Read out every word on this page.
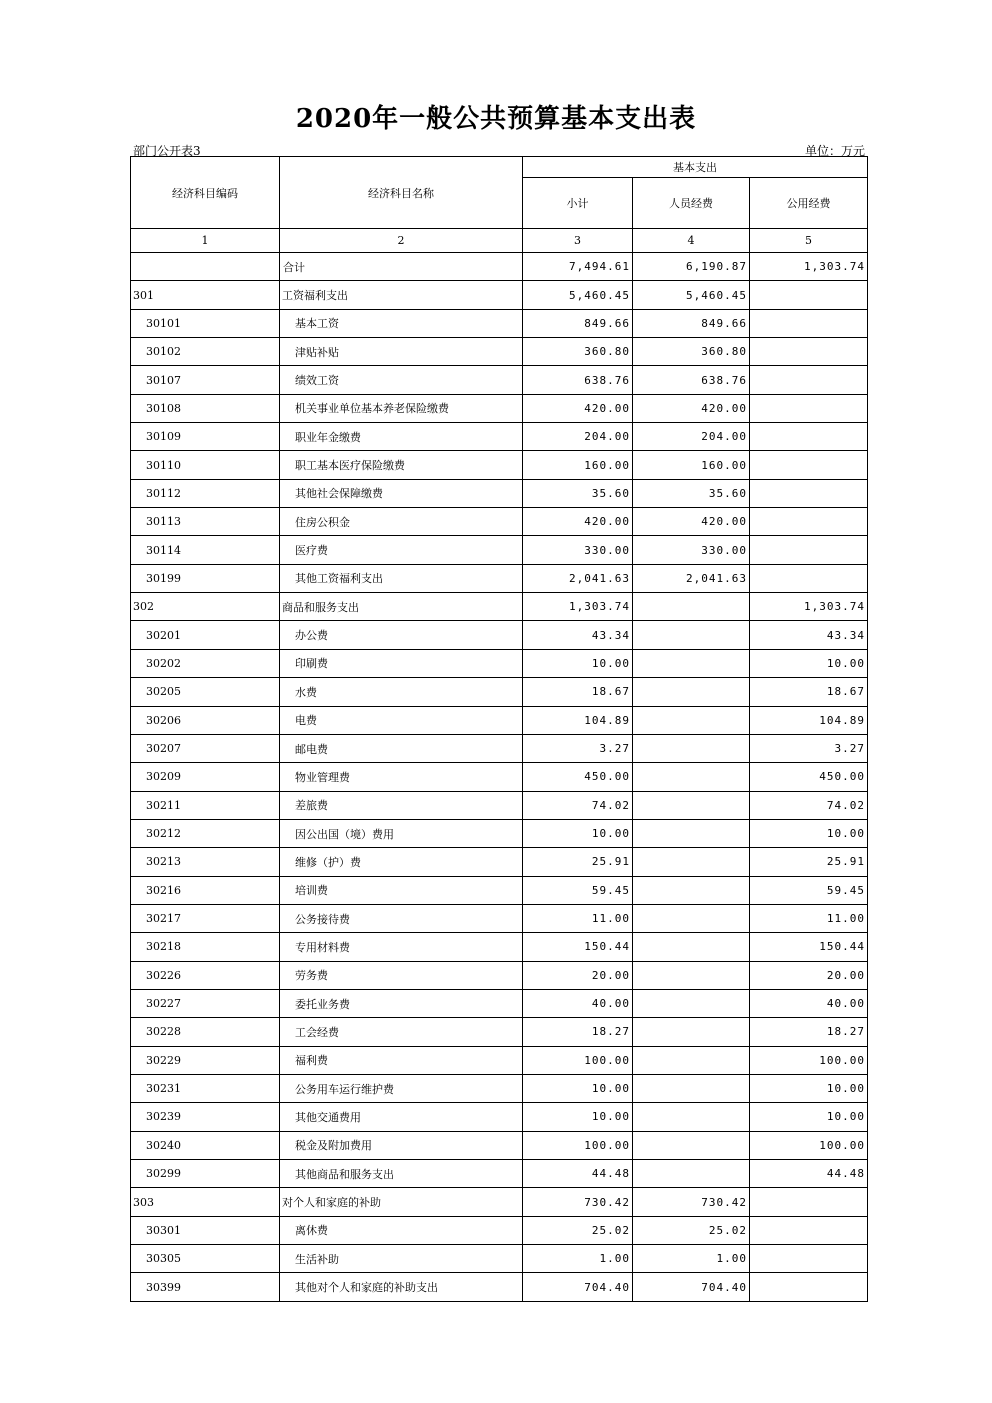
2020年一般公共预算基本支出表
部门公开表3	单位：万元
经济科目编码	经济科目名称	基本支出		
		小计	人员经费	公用经费
1	2	3	4	5
	合计	7,494.61	6,190.87	1,303.74
301	工资福利支出	5,460.45	5,460.45	
30101	基本工资	849.66	849.66	
30102	津贴补贴	360.80	360.80	
30107	绩效工资	638.76	638.76	
30108	机关事业单位基本养老保险缴费	420.00	420.00	
30109	职业年金缴费	204.00	204.00	
30110	职工基本医疗保险缴费	160.00	160.00	
30112	其他社会保障缴费	35.60	35.60	
30113	住房公积金	420.00	420.00	
30114	医疗费	330.00	330.00	
30199	其他工资福利支出	2,041.63	2,041.63	
302	商品和服务支出	1,303.74		1,303.74
30201	办公费	43.34		43.34
30202	印刷费	10.00		10.00
30205	水费	18.67		18.67
30206	电费	104.89		104.89
30207	邮电费	3.27		3.27
30209	物业管理费	450.00		450.00
30211	差旅费	74.02		74.02
30212	因公出国（境）费用	10.00		10.00
30213	维修（护）费	25.91		25.91
30216	培训费	59.45		59.45
30217	公务接待费	11.00		11.00
30218	专用材料费	150.44		150.44
30226	劳务费	20.00		20.00
30227	委托业务费	40.00		40.00
30228	工会经费	18.27		18.27
30229	福利费	100.00		100.00
30231	公务用车运行维护费	10.00		10.00
30239	其他交通费用	10.00		10.00
30240	税金及附加费用	100.00		100.00
30299	其他商品和服务支出	44.48		44.48
303	对个人和家庭的补助	730.42	730.42	
30301	离休费	25.02	25.02	
30305	生活补助	1.00	1.00	
30399	其他对个人和家庭的补助支出	704.40	704.40	
